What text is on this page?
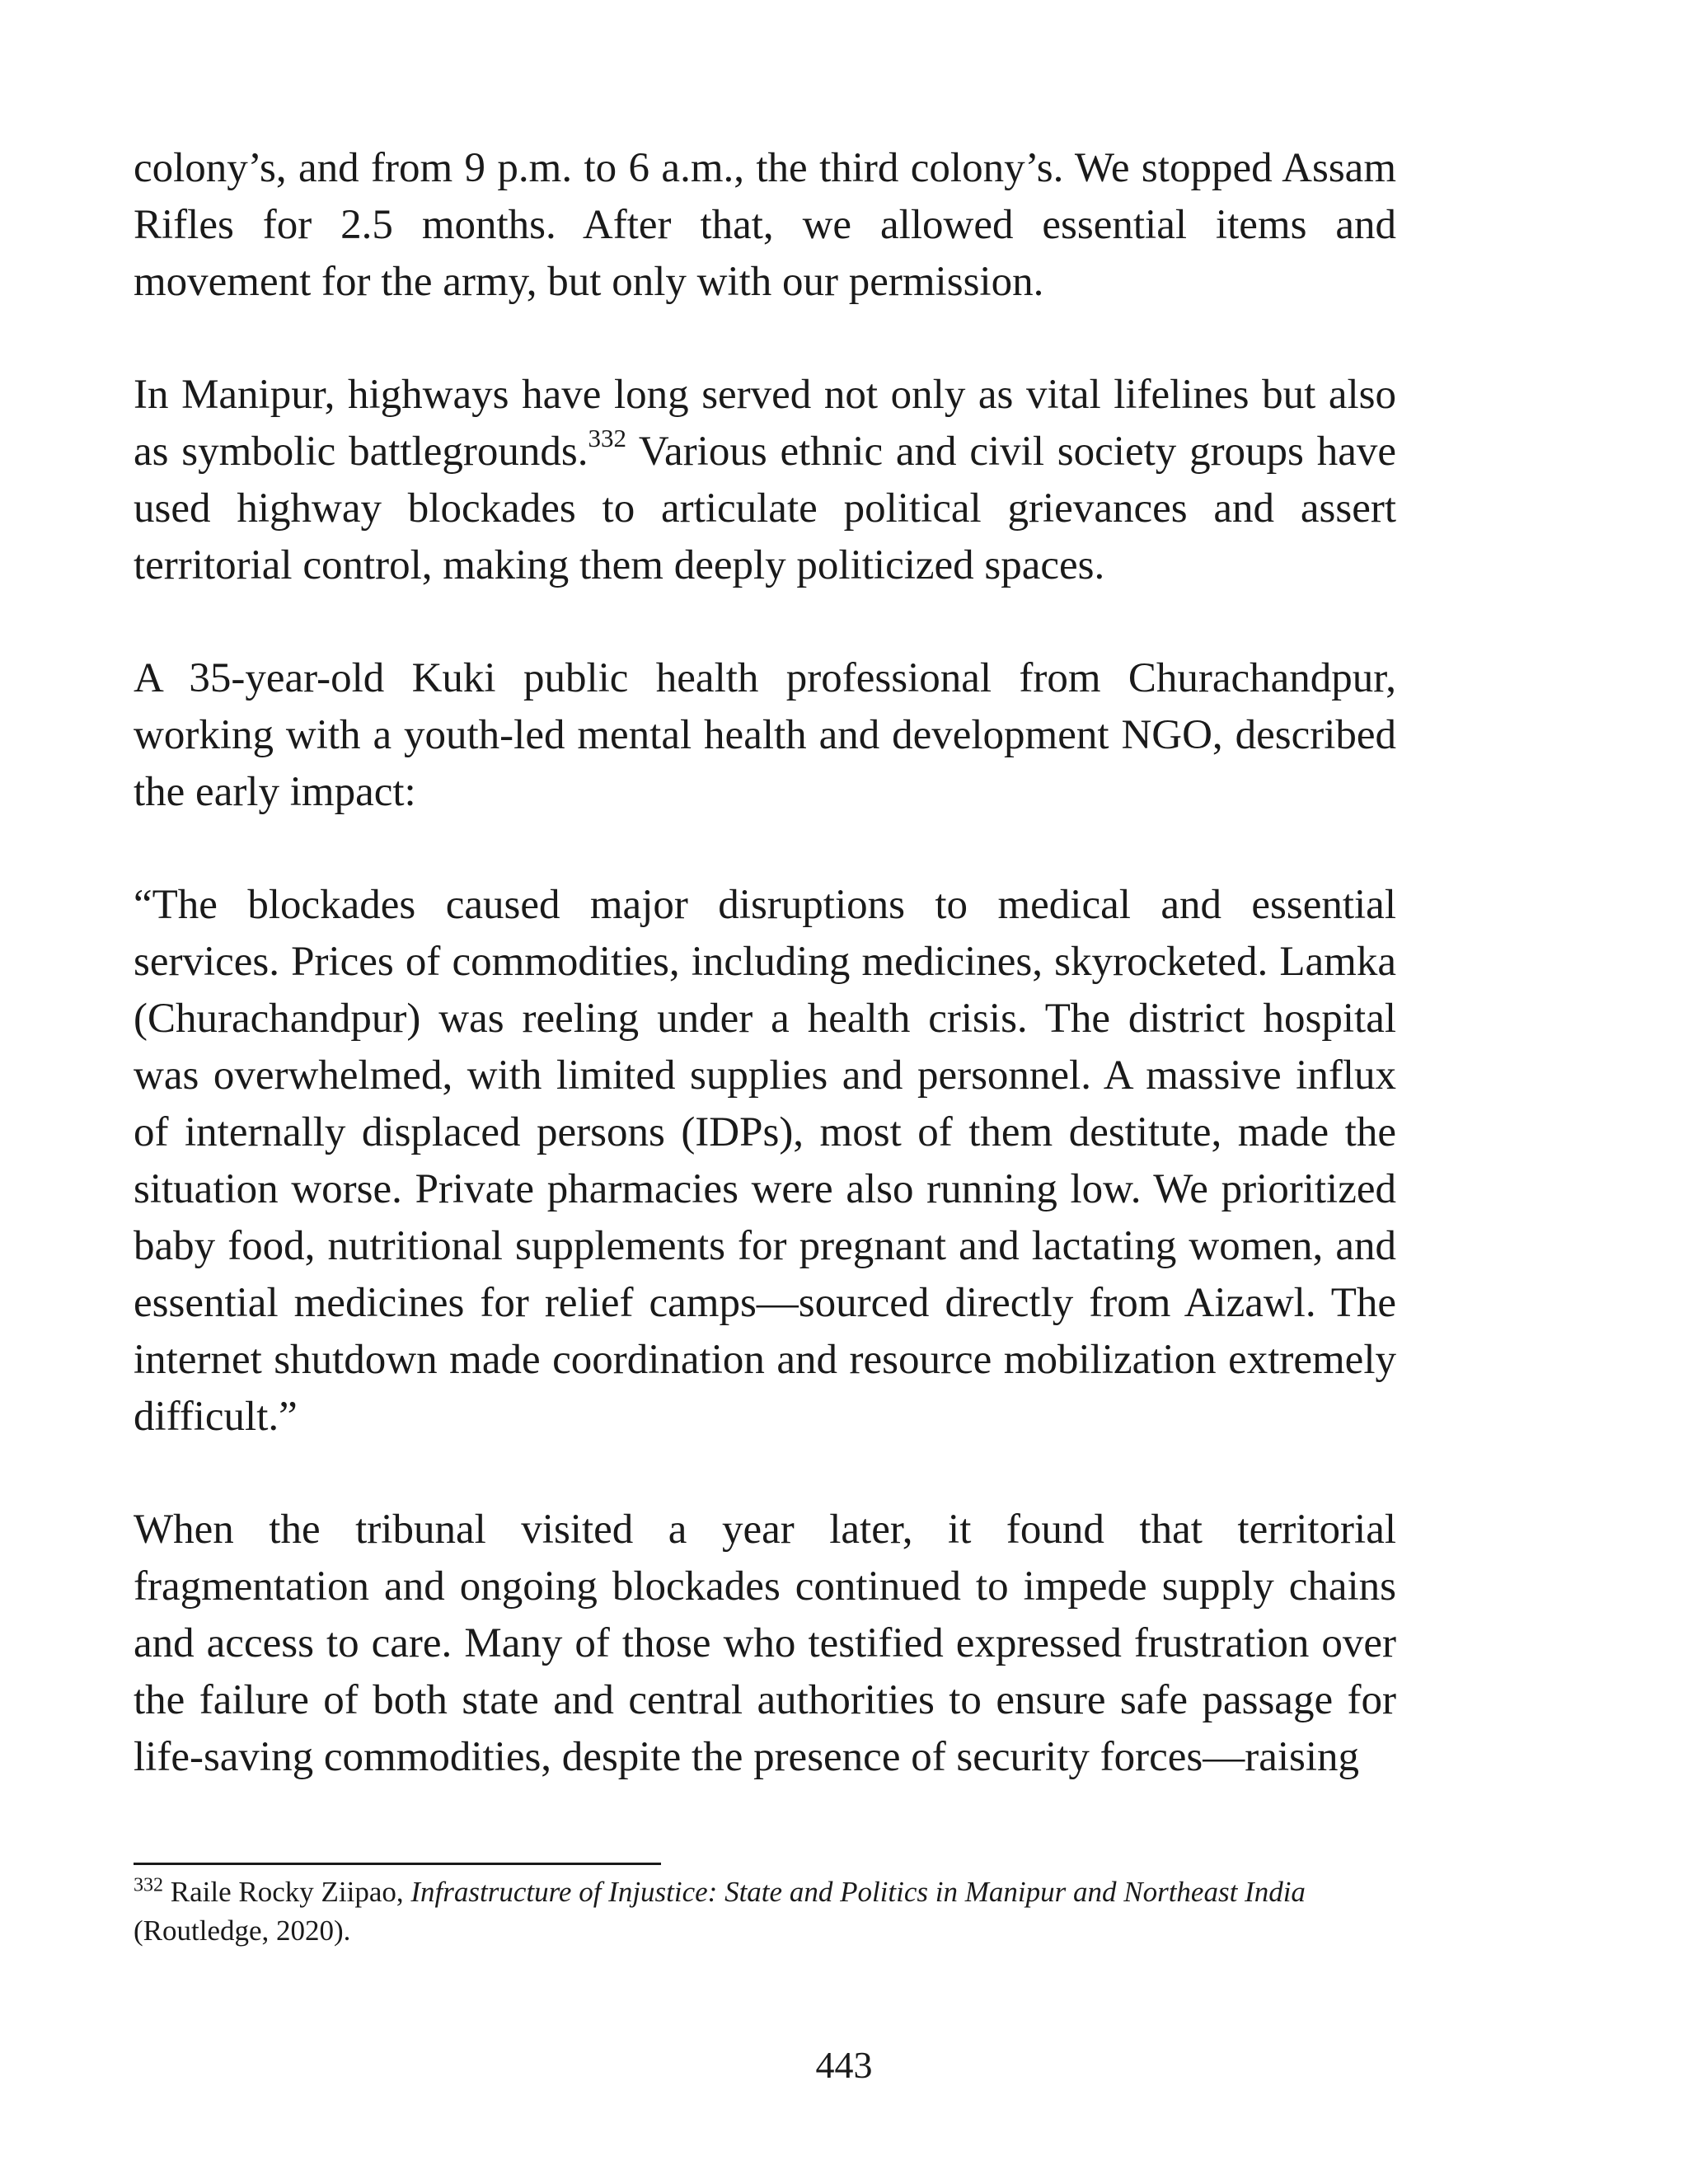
colony’s, and from 9 p.m. to 6 a.m., the third colony’s. We stopped Assam Rifles for 2.5 months. After that, we allowed essential items and movement for the army, but only with our permission.

In Manipur, highways have long served not only as vital lifelines but also as symbolic battlegrounds.$^{332}$ Various ethnic and civil society groups have used highway blockades to articulate political grievances and assert territorial control, making them deeply politicized spaces.

A 35-year-old Kuki public health professional from Churachandpur, working with a youth-led mental health and development NGO, described the early impact:

“The blockades caused major disruptions to medical and essential services. Prices of commodities, including medicines, skyrocketed. Lamka (Churachandpur) was reeling under a health crisis. The district hospital was overwhelmed, with limited supplies and personnel. A massive influx of internally displaced persons (IDPs), most of them destitute, made the situation worse. Private pharmacies were also running low. We prioritized baby food, nutritional supplements for pregnant and lactating women, and essential medicines for relief camps—sourced directly from Aizawl. The internet shutdown made coordination and resource mobilization extremely difficult.”

When the tribunal visited a year later, it found that territorial fragmentation and ongoing blockades continued to impede supply chains and access to care. Many of those who testified expressed frustration over the failure of both state and central authorities to ensure safe passage for life-saving commodities, despite the presence of security forces—raising

$^{332}$ Raile Rocky Ziipao, Infrastructure of Injustice: State and Politics in Manipur and Northeast India (Routledge, 2020).
443
